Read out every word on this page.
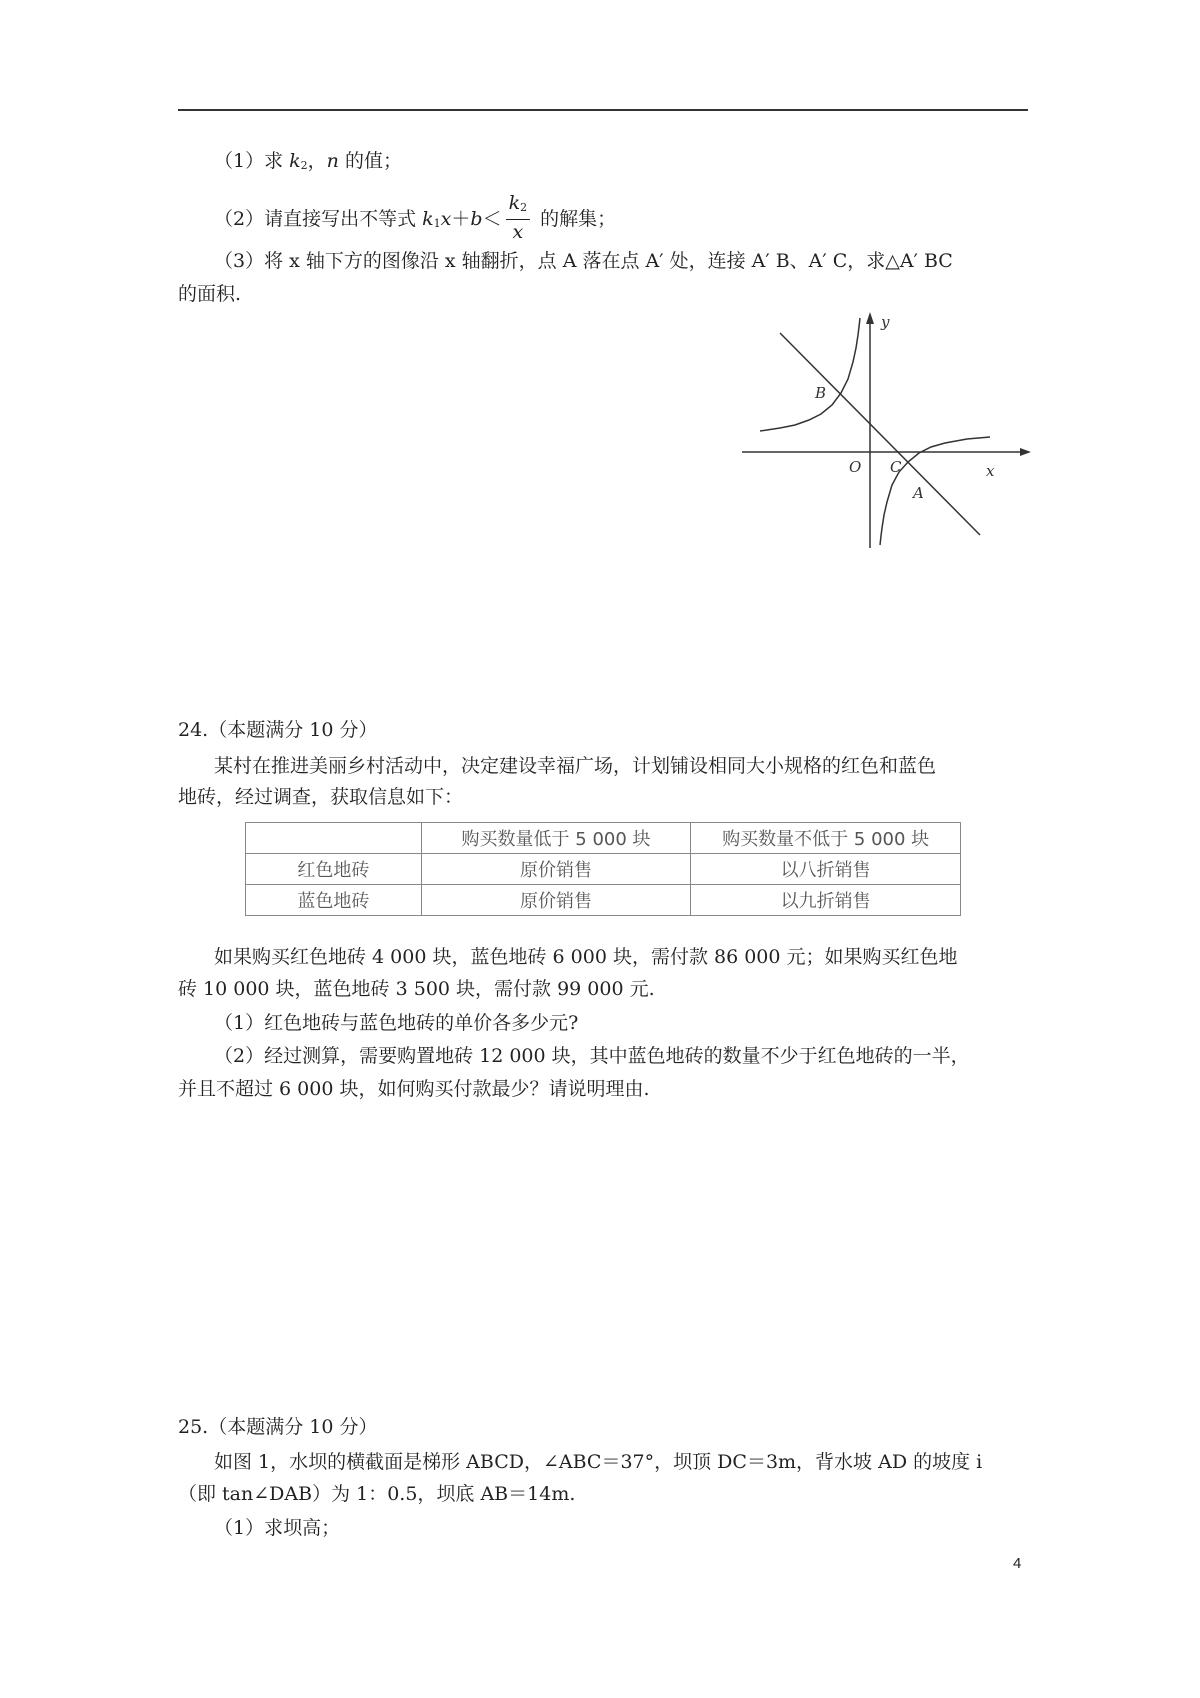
（1）求 $k_2$，n 的值；
（2）请直接写出不等式 $k_1x+b< \frac{k_2}{x}$ 的解集；
（3）将 x 轴下方的图像沿 x 轴翻折，点 A 落在点 A′ 处，连接 A′ B、A′ C，求△A′ BC
的面积.
y
x
O C
B
A
24.（本题满分 10 分）
某村在推进美丽乡村活动中，决定建设幸福广场，计划铺设相同大小规格的红色和蓝色
地砖，经过调查，获取信息如下：
	购买数量低于 5 000 块	购买数量不低于 5 000 块
红色地砖	原价销售	以八折销售
蓝色地砖	原价销售	以九折销售
如果购买红色地砖 4 000 块，蓝色地砖 6 000 块，需付款 86 000 元；如果购买红色地
砖 10 000 块，蓝色地砖 3 500 块，需付款 99 000 元.
（1）红色地砖与蓝色地砖的单价各多少元?
（2）经过测算，需要购置地砖 12 000 块，其中蓝色地砖的数量不少于红色地砖的一半，
并且不超过 6 000 块，如何购买付款最少？请说明理由.
25.（本题满分 10 分）
如图 1，水坝的横截面是梯形 ABCD，∠ABC＝37°，坝顶 DC＝3m，背水坡 AD 的坡度 i
（即 tan∠DAB）为 1：0.5，坝底 AB＝14m.
（1）求坝高；
4
